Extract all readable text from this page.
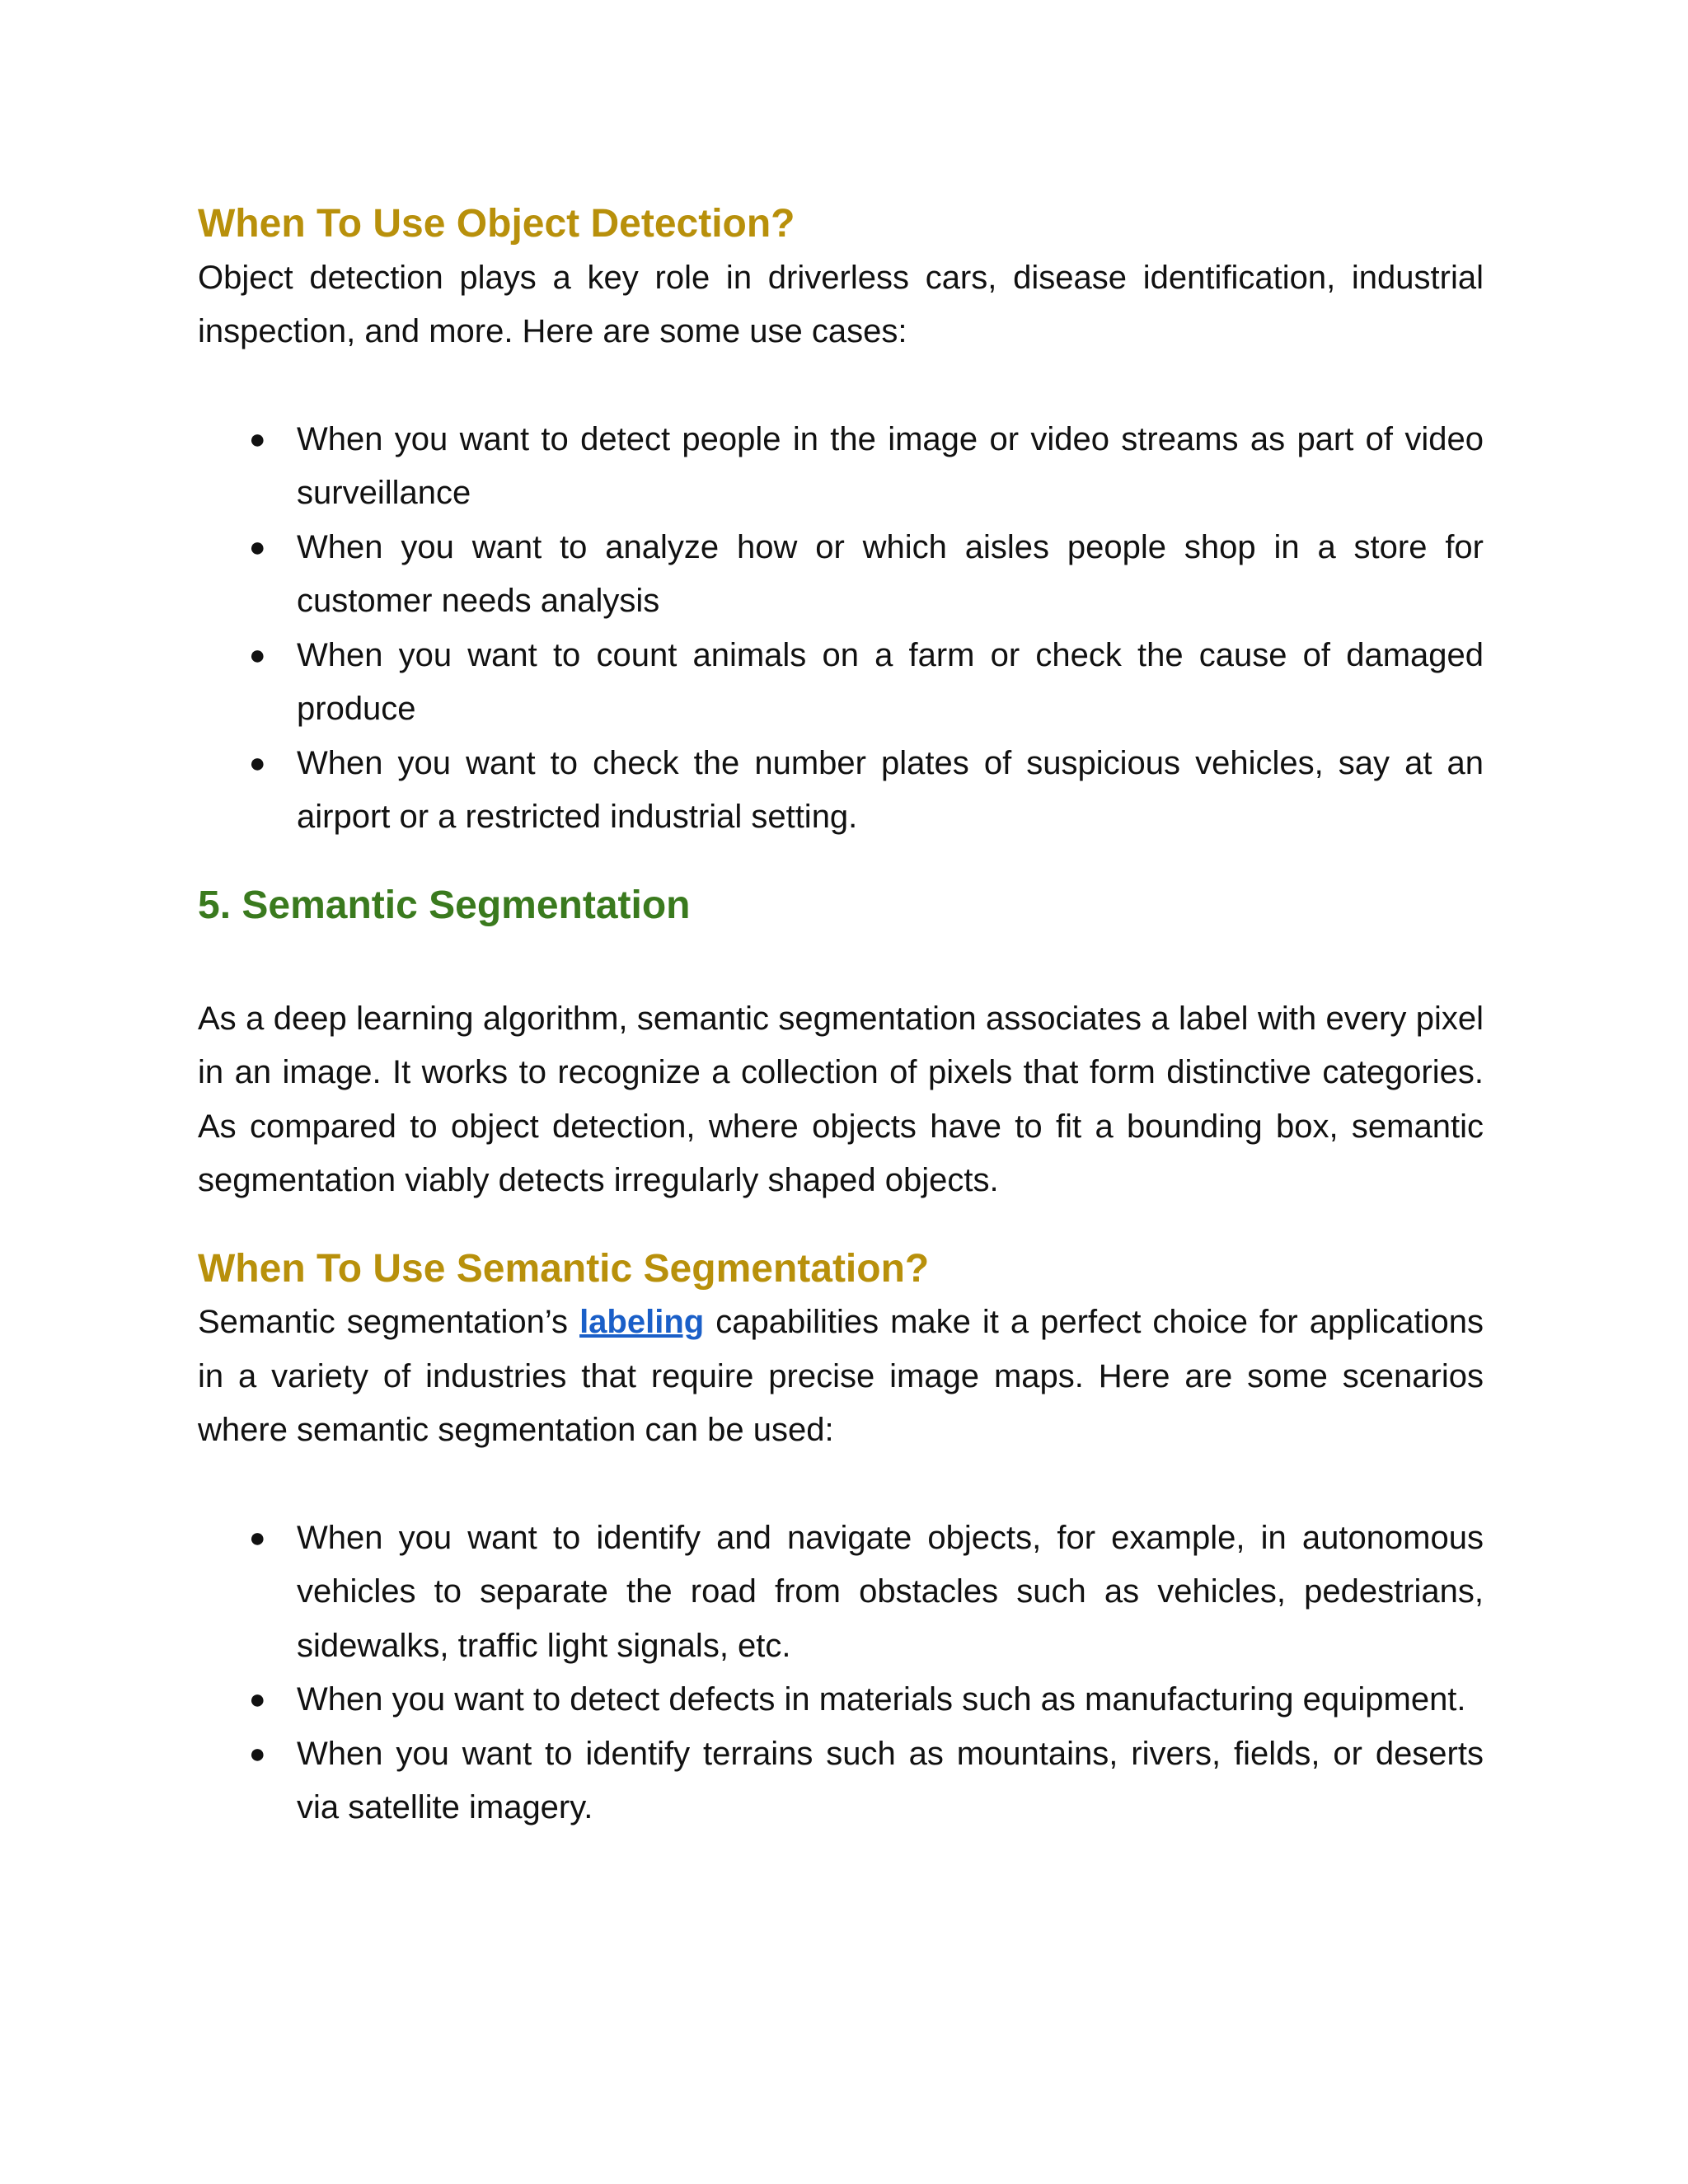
When To Use Object Detection?

Object detection plays a key role in driverless cars, disease identification, industrial inspection, and more. Here are some use cases:

● When you want to detect people in the image or video streams as part of video surveillance
● When you want to analyze how or which aisles people shop in a store for customer needs analysis
● When you want to count animals on a farm or check the cause of damaged produce
● When you want to check the number plates of suspicious vehicles, say at an airport or a restricted industrial setting.
5. Semantic Segmentation

As a deep learning algorithm, semantic segmentation associates a label with every pixel in an image. It works to recognize a collection of pixels that form distinctive categories. As compared to object detection, where objects have to fit a bounding box, semantic segmentation viably detects irregularly shaped objects.

When To Use Semantic Segmentation?

Semantic segmentation’s labeling capabilities make it a perfect choice for applications in a variety of industries that require precise image maps. Here are some scenarios where semantic segmentation can be used:

● When you want to identify and navigate objects, for example, in autonomous vehicles to separate the road from obstacles such as vehicles, pedestrians, sidewalks, traffic light signals, etc.
● When you want to detect defects in materials such as manufacturing equipment.
● When you want to identify terrains such as mountains, rivers, fields, or deserts via satellite imagery.
